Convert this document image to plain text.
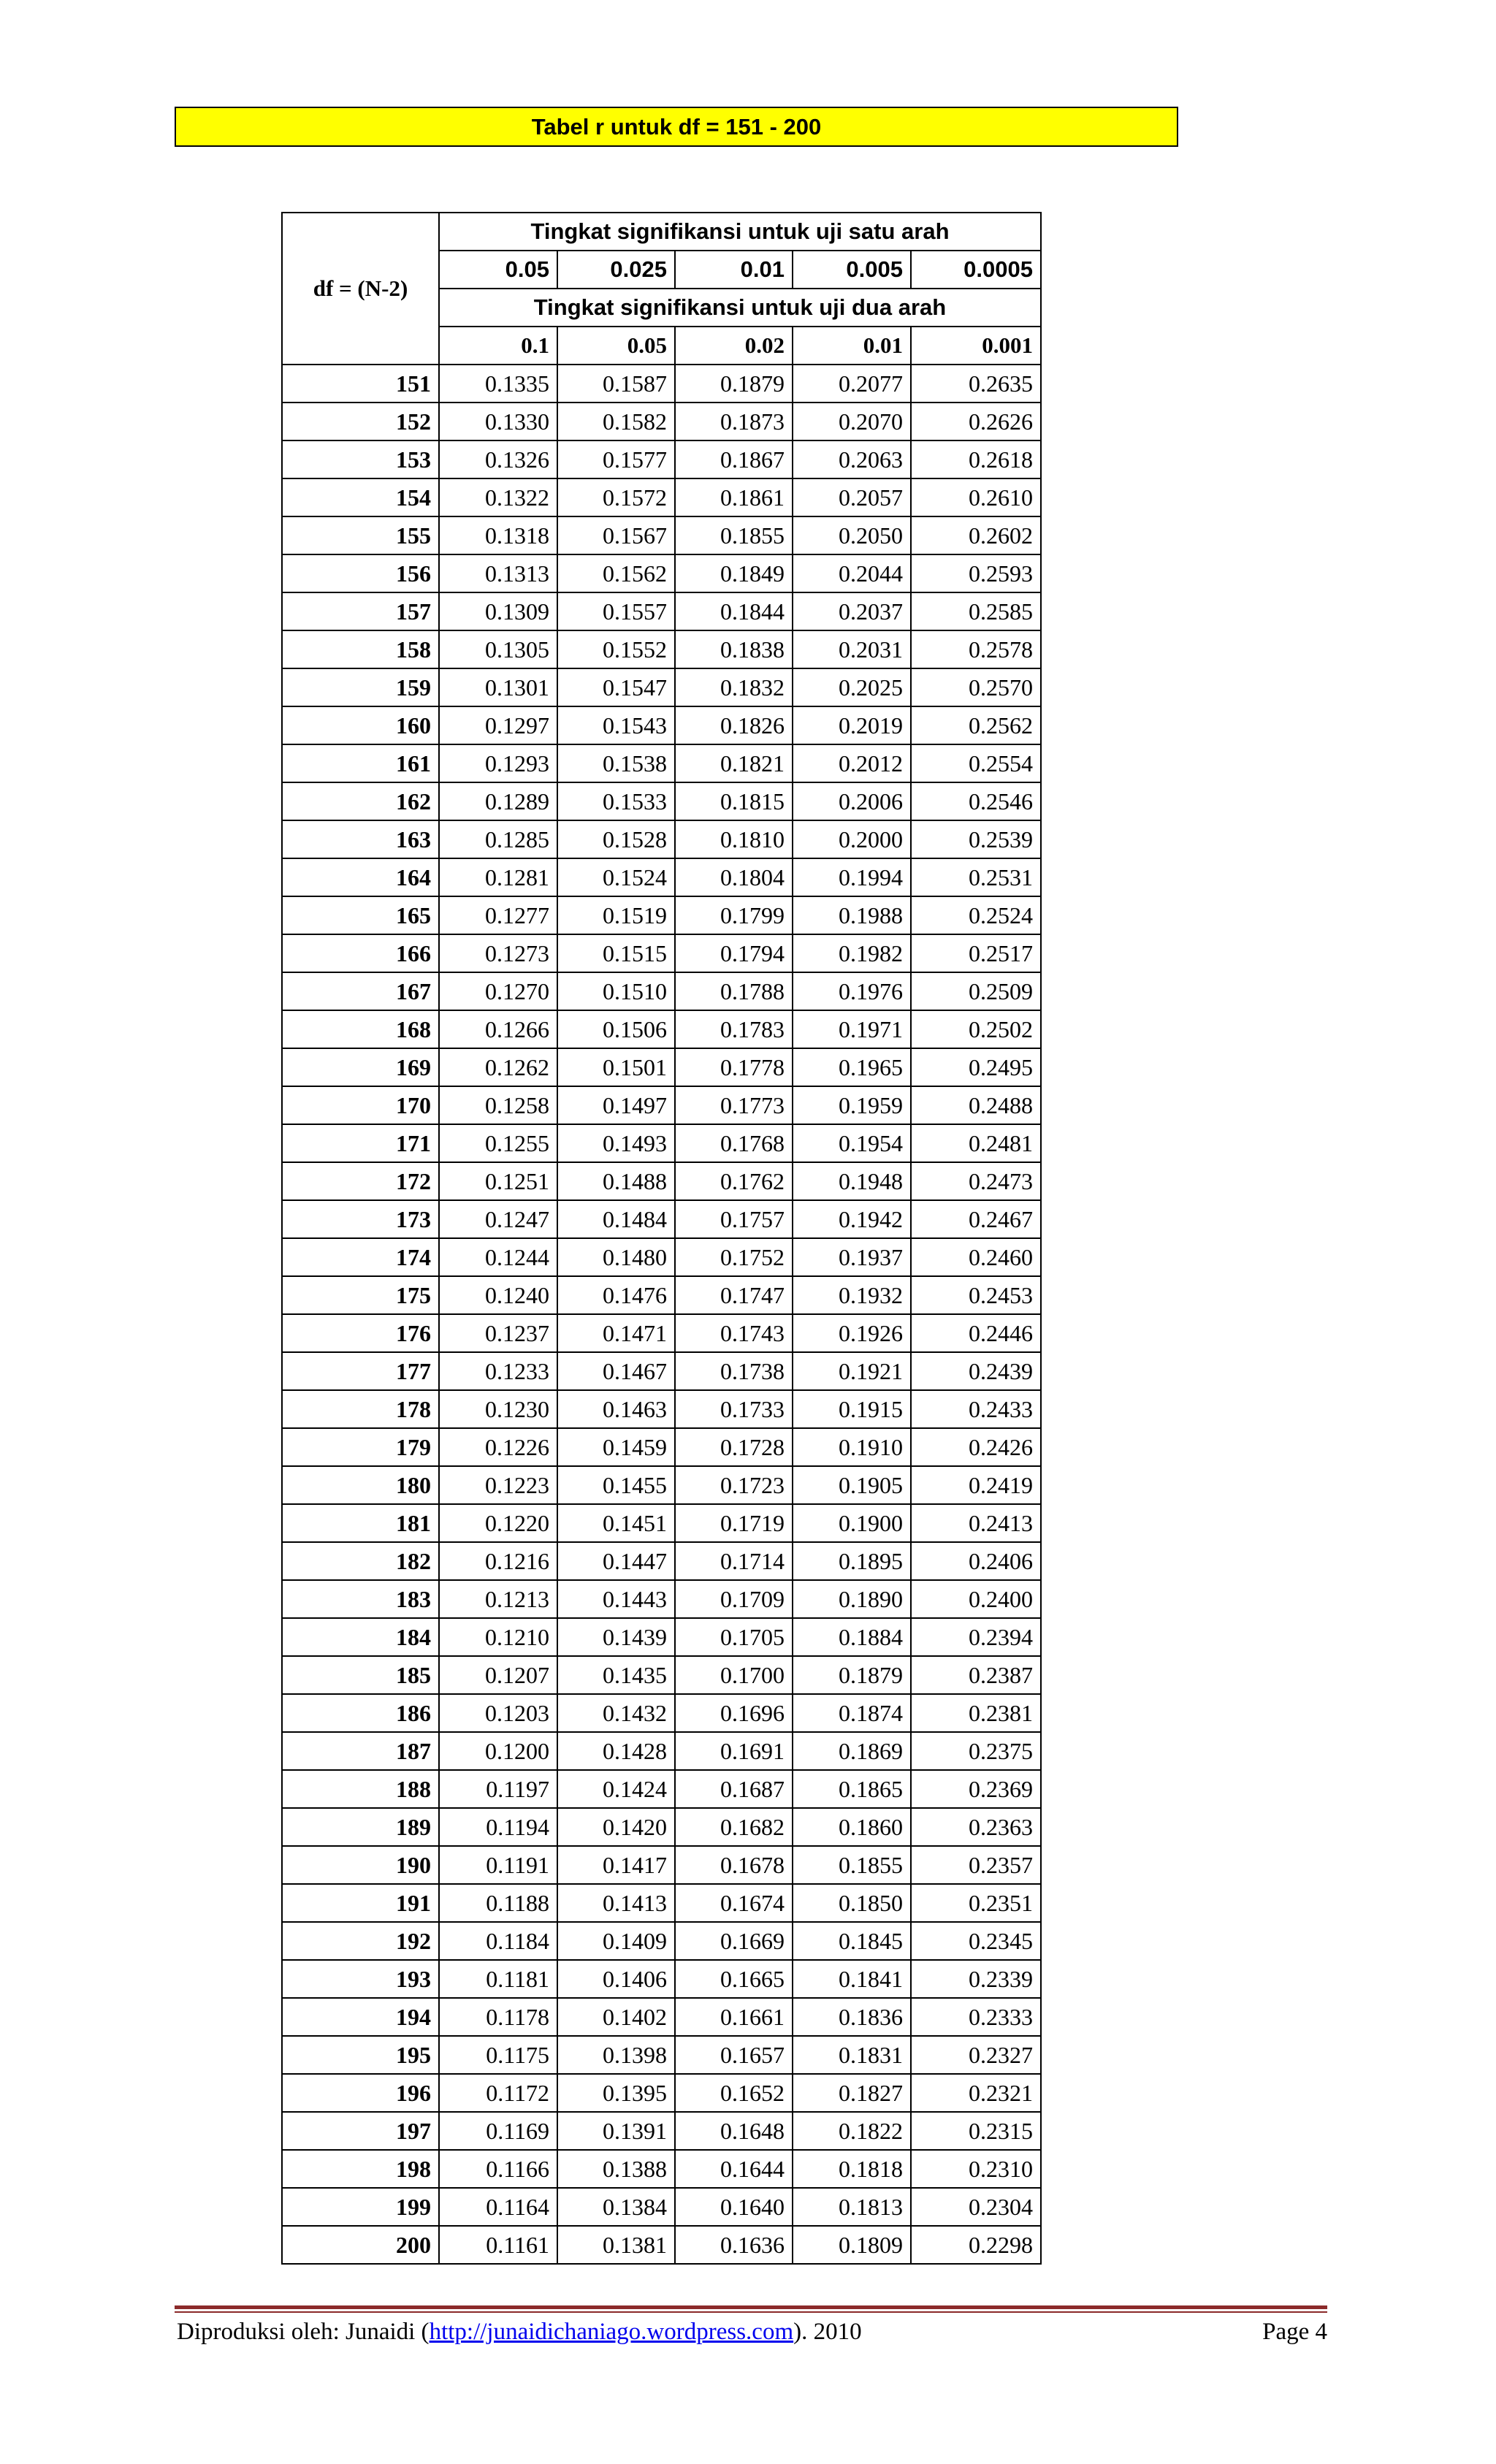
Tabel r untuk df = 151 - 200
df = (N-2)	Tingkat signifikansi untuk uji satu arah				
	0.05	0.025	0.01	0.005	0.0005
	Tingkat signifikansi untuk uji dua arah				
	0.1	0.05	0.02	0.01	0.001
151	0.1335	0.1587	0.1879	0.2077	0.2635
152	0.1330	0.1582	0.1873	0.2070	0.2626
153	0.1326	0.1577	0.1867	0.2063	0.2618
154	0.1322	0.1572	0.1861	0.2057	0.2610
155	0.1318	0.1567	0.1855	0.2050	0.2602
156	0.1313	0.1562	0.1849	0.2044	0.2593
157	0.1309	0.1557	0.1844	0.2037	0.2585
158	0.1305	0.1552	0.1838	0.2031	0.2578
159	0.1301	0.1547	0.1832	0.2025	0.2570
160	0.1297	0.1543	0.1826	0.2019	0.2562
161	0.1293	0.1538	0.1821	0.2012	0.2554
162	0.1289	0.1533	0.1815	0.2006	0.2546
163	0.1285	0.1528	0.1810	0.2000	0.2539
164	0.1281	0.1524	0.1804	0.1994	0.2531
165	0.1277	0.1519	0.1799	0.1988	0.2524
166	0.1273	0.1515	0.1794	0.1982	0.2517
167	0.1270	0.1510	0.1788	0.1976	0.2509
168	0.1266	0.1506	0.1783	0.1971	0.2502
169	0.1262	0.1501	0.1778	0.1965	0.2495
170	0.1258	0.1497	0.1773	0.1959	0.2488
171	0.1255	0.1493	0.1768	0.1954	0.2481
172	0.1251	0.1488	0.1762	0.1948	0.2473
173	0.1247	0.1484	0.1757	0.1942	0.2467
174	0.1244	0.1480	0.1752	0.1937	0.2460
175	0.1240	0.1476	0.1747	0.1932	0.2453
176	0.1237	0.1471	0.1743	0.1926	0.2446
177	0.1233	0.1467	0.1738	0.1921	0.2439
178	0.1230	0.1463	0.1733	0.1915	0.2433
179	0.1226	0.1459	0.1728	0.1910	0.2426
180	0.1223	0.1455	0.1723	0.1905	0.2419
181	0.1220	0.1451	0.1719	0.1900	0.2413
182	0.1216	0.1447	0.1714	0.1895	0.2406
183	0.1213	0.1443	0.1709	0.1890	0.2400
184	0.1210	0.1439	0.1705	0.1884	0.2394
185	0.1207	0.1435	0.1700	0.1879	0.2387
186	0.1203	0.1432	0.1696	0.1874	0.2381
187	0.1200	0.1428	0.1691	0.1869	0.2375
188	0.1197	0.1424	0.1687	0.1865	0.2369
189	0.1194	0.1420	0.1682	0.1860	0.2363
190	0.1191	0.1417	0.1678	0.1855	0.2357
191	0.1188	0.1413	0.1674	0.1850	0.2351
192	0.1184	0.1409	0.1669	0.1845	0.2345
193	0.1181	0.1406	0.1665	0.1841	0.2339
194	0.1178	0.1402	0.1661	0.1836	0.2333
195	0.1175	0.1398	0.1657	0.1831	0.2327
196	0.1172	0.1395	0.1652	0.1827	0.2321
197	0.1169	0.1391	0.1648	0.1822	0.2315
198	0.1166	0.1388	0.1644	0.1818	0.2310
199	0.1164	0.1384	0.1640	0.1813	0.2304
200	0.1161	0.1381	0.1636	0.1809	0.2298
Diproduksi oleh: Junaidi (http://junaidichaniago.wordpress.com). 2010	Page 4
